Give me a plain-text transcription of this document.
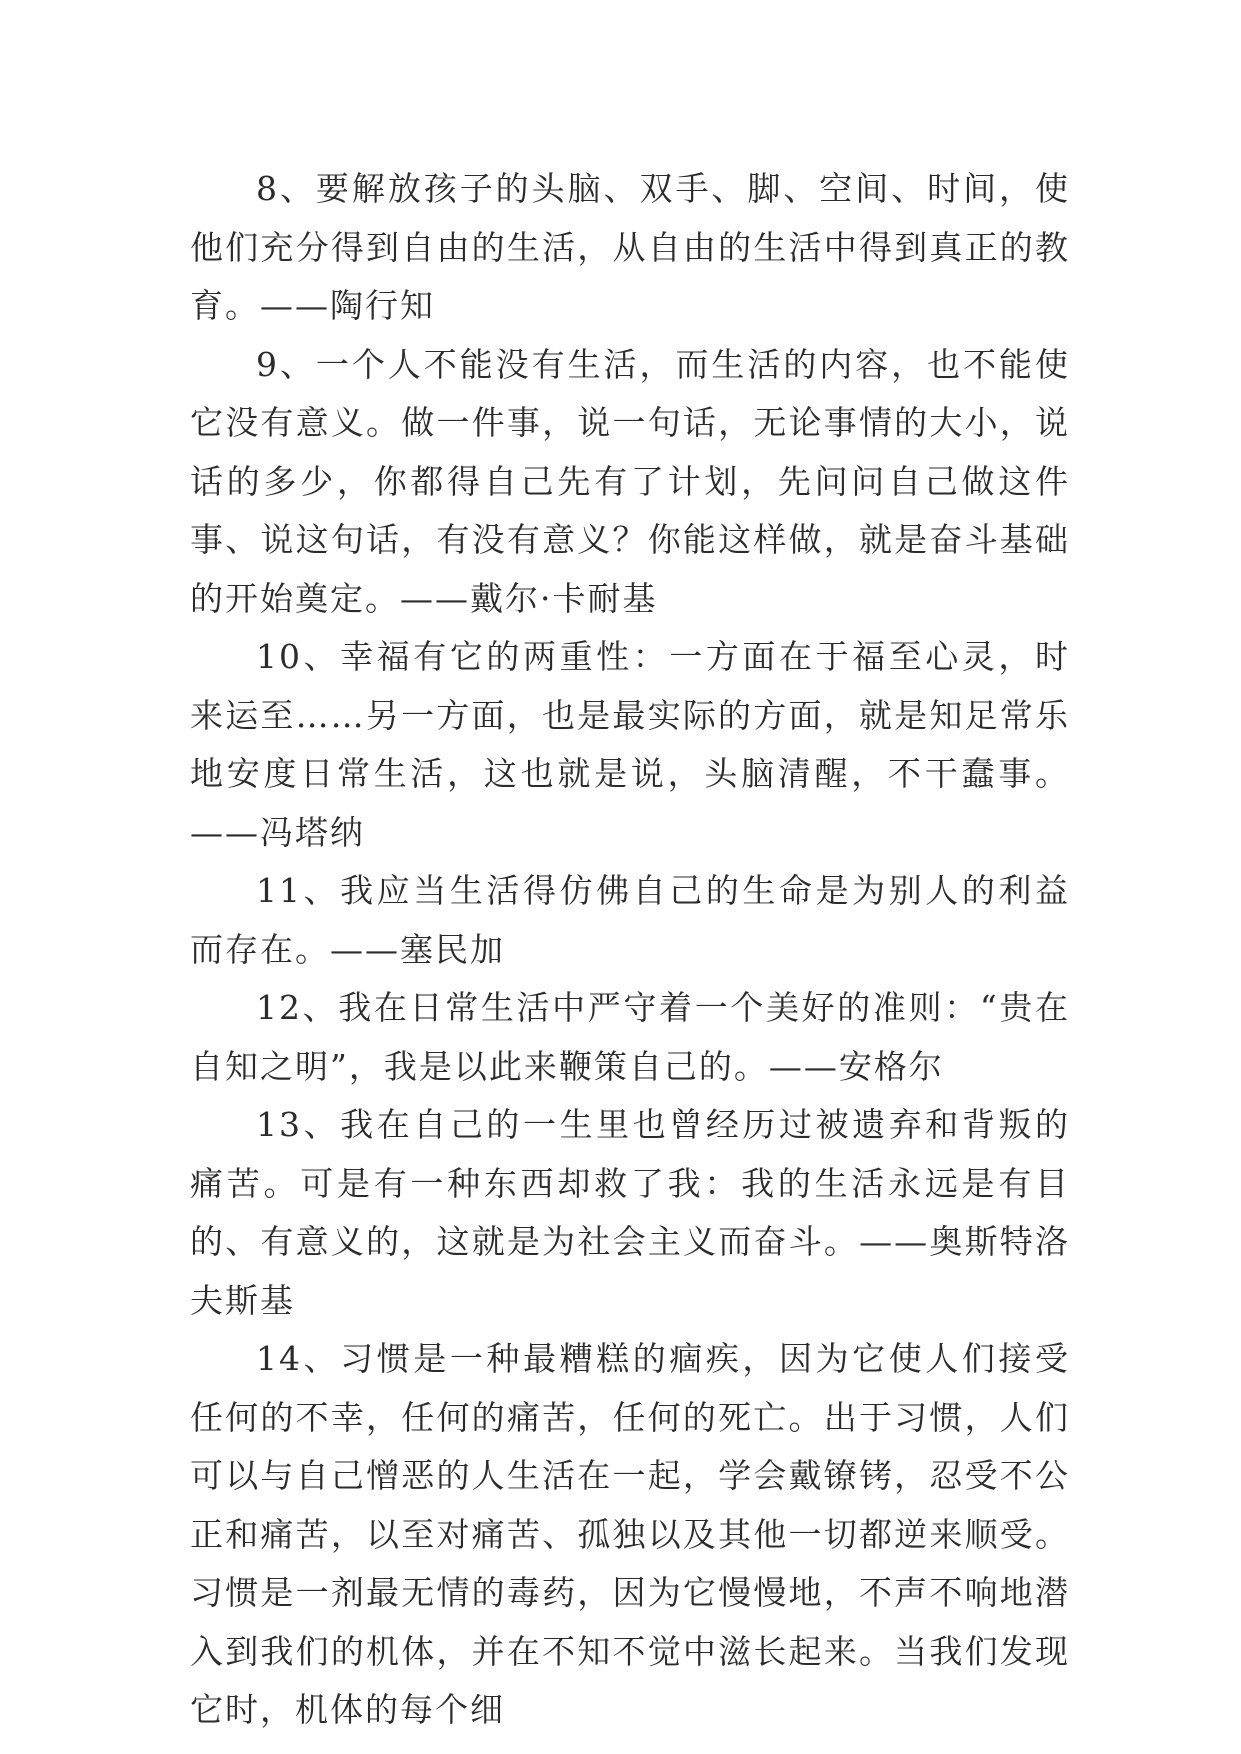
8、要解放孩子的头脑、双手、脚、空间、时间，使他们充分得到自由的生活，从自由的生活中得到真正的教育。——陶行知

9、一个人不能没有生活，而生活的内容，也不能使它没有意义。做一件事，说一句话，无论事情的大小，说话的多少，你都得自己先有了计划，先问问自己做这件事、说这句话，有没有意义？你能这样做，就是奋斗基础的开始奠定。——戴尔·卡耐基

10、幸福有它的两重性：一方面在于福至心灵，时来运至……另一方面，也是最实际的方面，就是知足常乐地安度日常生活，这也就是说，头脑清醒，不干蠢事。——冯塔纳

11、我应当生活得仿佛自己的生命是为别人的利益而存在。——塞民加

12、我在日常生活中严守着一个美好的准则：“贵在自知之明”，我是以此来鞭策自己的。——安格尔

13、我在自己的一生里也曾经历过被遗弃和背叛的痛苦。可是有一种东西却救了我：我的生活永远是有目的、有意义的，这就是为社会主义而奋斗。——奥斯特洛夫斯基

14、习惯是一种最糟糕的痼疾，因为它使人们接受任何的不幸，任何的痛苦，任何的死亡。出于习惯，人们可以与自己憎恶的人生活在一起，学会戴镣铐，忍受不公正和痛苦，以至对痛苦、孤独以及其他一切都逆来顺受。习惯是一剂最无情的毒药，因为它慢慢地，不声不响地潜入到我们的机体，并在不知不觉中滋长起来。当我们发现它时，机体的每个细
